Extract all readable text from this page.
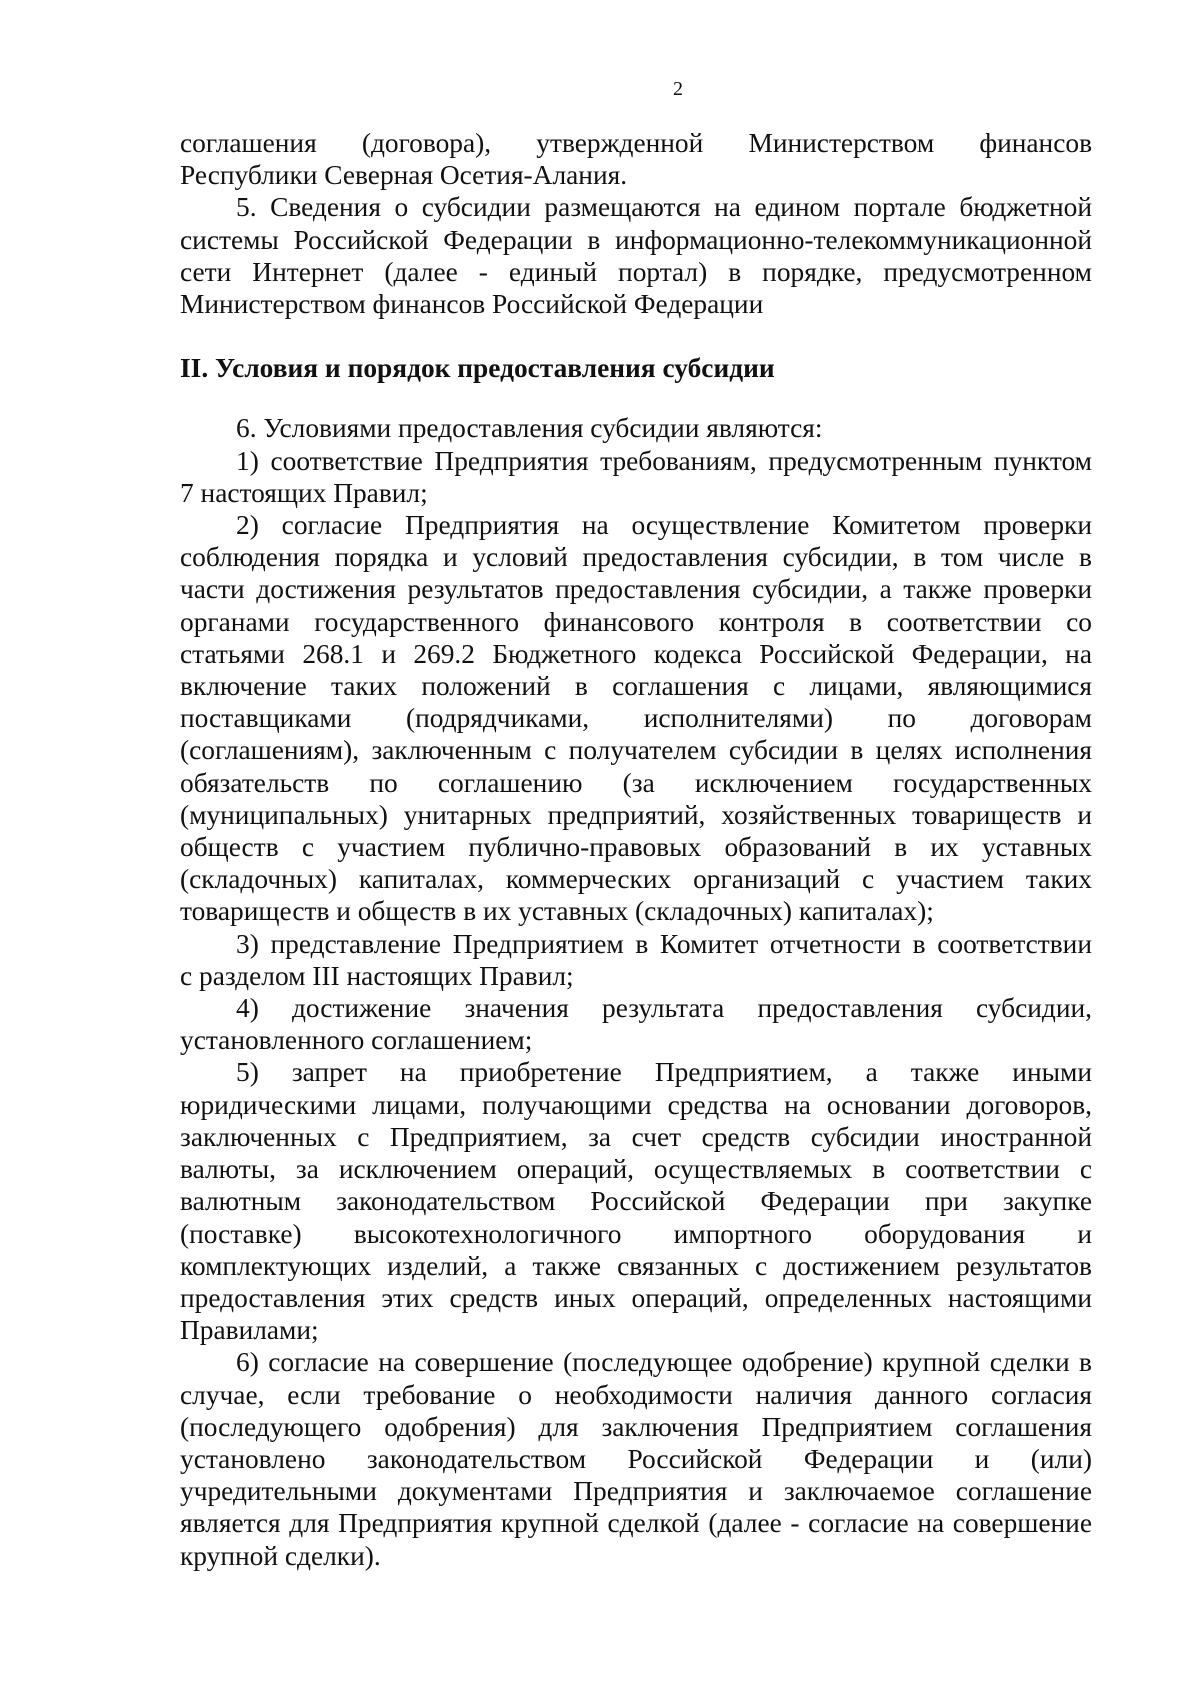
2
соглашения (договора), утвержденной Министерством финансов
Республики Северная Осетия-Алания.
5. Сведения о субсидии размещаются на едином портале бюджетной
системы Российской Федерации в информационно-телекоммуникационной
сети Интернет (далее - единый портал) в порядке, предусмотренном
Министерством финансов Российской Федерации
II. Условия и порядок предоставления субсидии
6. Условиями предоставления субсидии являются:
1) соответствие Предприятия требованиям, предусмотренным пунктом
7 настоящих Правил;
2) согласие Предприятия на осуществление Комитетом проверки
соблюдения порядка и условий предоставления субсидии, в том числе в
части достижения результатов предоставления субсидии, а также проверки
органами государственного финансового контроля в соответствии со
статьями 268.1 и 269.2 Бюджетного кодекса Российской Федерации, на
включение таких положений в соглашения с лицами, являющимися
поставщиками (подрядчиками, исполнителями) по договорам
(соглашениям), заключенным с получателем субсидии в целях исполнения
обязательств по соглашению (за исключением государственных
(муниципальных) унитарных предприятий, хозяйственных товариществ и
обществ с участием публично-правовых образований в их уставных
(складочных) капиталах, коммерческих организаций с участием таких
товариществ и обществ в их уставных (складочных) капиталах);
3) представление Предприятием в Комитет отчетности в соответствии
с разделом III настоящих Правил;
4) достижение значения результата предоставления субсидии,
установленного соглашением;
5) запрет на приобретение Предприятием, а также иными
юридическими лицами, получающими средства на основании договоров,
заключенных с Предприятием, за счет средств субсидии иностранной
валюты, за исключением операций, осуществляемых в соответствии с
валютным законодательством Российской Федерации при закупке
(поставке) высокотехнологичного импортного оборудования и
комплектующих изделий, а также связанных с достижением результатов
предоставления этих средств иных операций, определенных настоящими
Правилами;
6) согласие на совершение (последующее одобрение) крупной сделки в
случае, если требование о необходимости наличия данного согласия
(последующего одобрения) для заключения Предприятием соглашения
установлено законодательством Российской Федерации и (или)
учредительными документами Предприятия и заключаемое соглашение
является для Предприятия крупной сделкой (далее - согласие на совершение
крупной сделки).
